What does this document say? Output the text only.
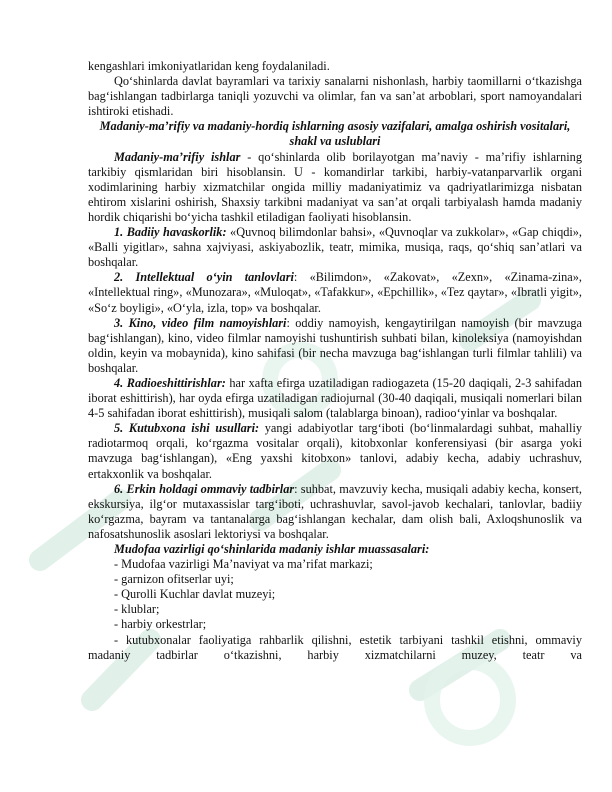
kengashlari imkoniyatlaridan keng foydalaniladi.

Qo‘shinlarda davlat bayramlari va tarixiy sanalarni nishonlash, harbiy taomillarni o‘tkazishga bag‘ishlangan tadbirlarga taniqli yozuvchi va olimlar, fan va san’at arboblari, sport namoyandalari ishtiroki etishadi.

Madaniy-ma’rifiy va madaniy-hordiq ishlarning asosiy vazifalari, amalga oshirish vositalari, shakl va uslublari

Madaniy-ma’rifiy ishlar - qo‘shinlarda olib borilayotgan ma’naviy - ma’rifiy ishlarning tarkibiy qismlaridan biri hisoblansin. U - komandirlar tarkibi, harbiy-vatanparvarlik organi xodimlarining harbiy xizmatchilar ongida milliy madaniyatimiz va qadriyatlarimizga nisbatan ehtirom xislarini oshirish, Shaxsiy tarkibni madaniyat va san’at orqali tarbiyalash hamda madaniy hordik chiqarishi bo‘yicha tashkil etiladigan faoliyati hisoblansin.

1. Badiiy havaskorlik: «Quvnoq bilimdonlar bahsi», «Quvnoqlar va zukkolar», «Gap chiqdi», «Balli yigitlar», sahna xajviyasi, askiyabozlik, teatr, mimika, musiqa, raqs, qo‘shiq san’atlari va boshqalar.

2. Intellektual o‘yin tanlovlari: «Bilimdon», «Zakovat», «Zexn», «Zinama-zina», «Intellektual ring», «Munozara», «Muloqat», «Tafakkur», «Epchillik», «Tez qaytar», «Ibratli yigit», «So‘z boyligi», «O‘yla, izla, top» va boshqalar.

3. Kino, video film namoyishlari: oddiy namoyish, kengaytirilgan namoyish (bir mavzuga bag‘ishlangan), kino, video filmlar namoyishi tushuntirish suhbati bilan, kinoleksiya (namoyishdan oldin, keyin va mobaynida), kino sahifasi (bir necha mavzuga bag‘ishlangan turli filmlar tahlili) va boshqalar.

4. Radioeshittirishlar: har xafta efirga uzatiladigan radiogazeta (15-20 daqiqali, 2-3 sahifadan iborat eshittirish), har oyda efirga uzatiladigan radiojurnal (30-40 daqiqali, musiqali nomerlari bilan 4-5 sahifadan iborat eshittirish), musiqali salom (talablarga binoan), radioo‘yinlar va boshqalar.

5. Kutubxona ishi usullari: yangi adabiyotlar targ‘iboti (bo‘linmalardagi suhbat, mahalliy radiotarmoq orqali, ko‘rgazma vositalar orqali), kitobxonlar konferensiyasi (bir asarga yoki mavzuga bag‘ishlangan), «Eng yaxshi kitobxon» tanlovi, adabiy kecha, adabiy uchrashuv, ertakxonlik va boshqalar.

6. Erkin holdagi ommaviy tadbirlar: suhbat, mavzuviy kecha, musiqali adabiy kecha, konsert, ekskursiya, ilg‘or mutaxassislar targ‘iboti, uchrashuvlar, savol-javob kechalari, tanlovlar, badiiy ko‘rgazma, bayram va tantanalarga bag‘ishlangan kechalar, dam olish bali, Axloqshunoslik va nafosatshunoslik asoslari lektoriysi va boshqalar.

Mudofaa vazirligi qo‘shinlarida madaniy ishlar muassasalari:

- Mudofaa vazirligi Ma’naviyat va ma’rifat markazi;

- garnizon ofitserlar uyi;

- Qurolli Kuchlar davlat muzeyi;

- klublar;

- harbiy orkestrlar;

- kutubxonalar faoliyatiga rahbarlik qilishni, estetik tarbiyani tashkil etishni, ommaviy madaniy tadbirlar o‘tkazishni, harbiy xizmatchilarni muzey, teatr va
